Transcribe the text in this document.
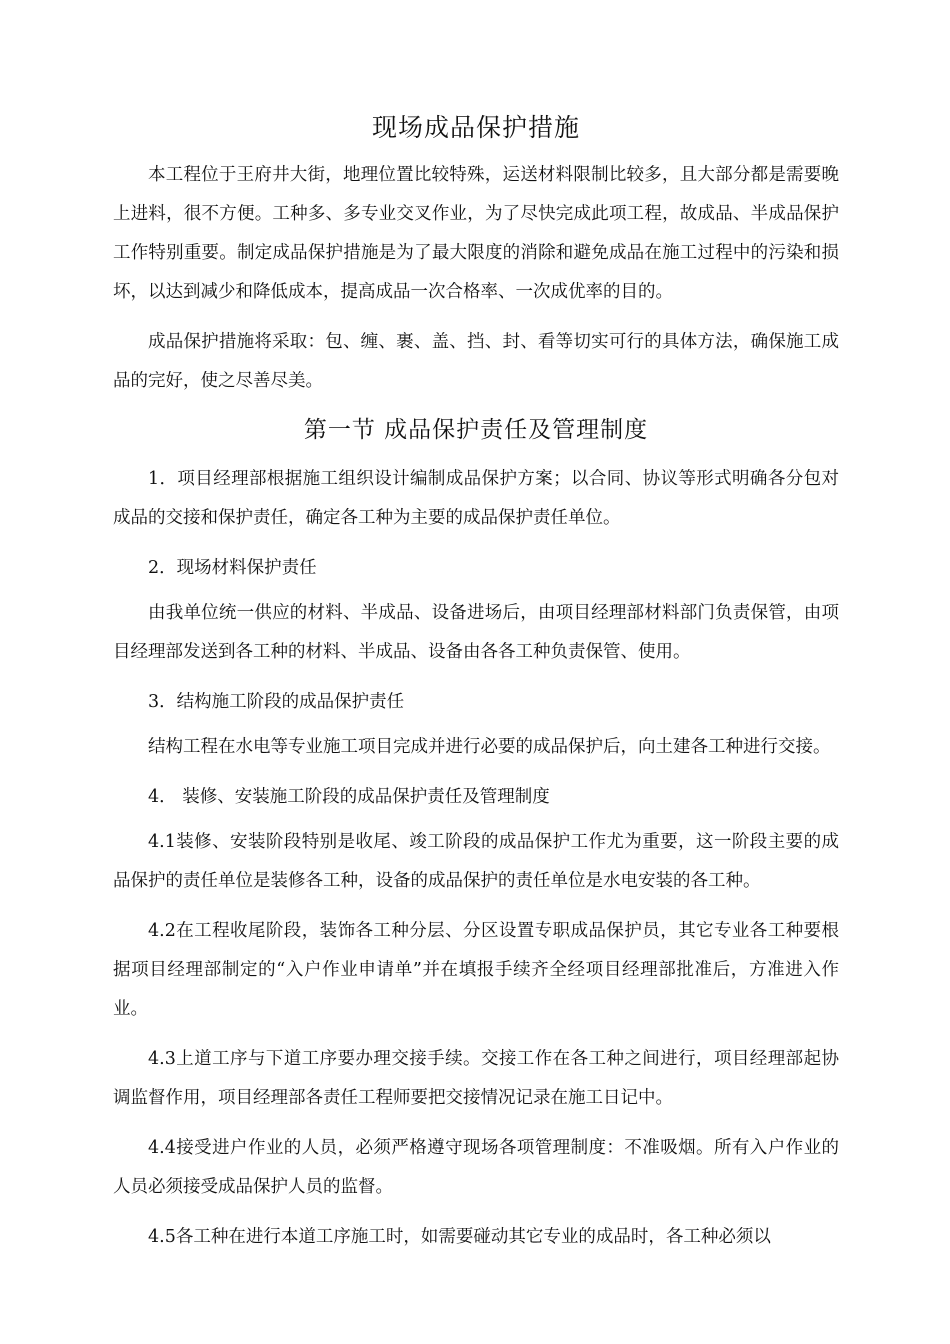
现场成品保护措施

本工程位于王府井大街，地理位置比较特殊，运送材料限制比较多，且大部分都是需要晚上进料，很不方便。工种多、多专业交叉作业，为了尽快完成此项工程，故成品、半成品保护工作特别重要。制定成品保护措施是为了最大限度的消除和避免成品在施工过程中的污染和损坏，以达到减少和降低成本，提高成品一次合格率、一次成优率的目的。

成品保护措施将采取：包、缠、裹、盖、挡、封、看等切实可行的具体方法，确保施工成品的完好，使之尽善尽美。

第一节 成品保护责任及管理制度

1．项目经理部根据施工组织设计编制成品保护方案；以合同、协议等形式明确各分包对成品的交接和保护责任，确定各工种为主要的成品保护责任单位。

2．现场材料保护责任

由我单位统一供应的材料、半成品、设备进场后，由项目经理部材料部门负责保管，由项目经理部发送到各工种的材料、半成品、设备由各各工种负责保管、使用。

3．结构施工阶段的成品保护责任

结构工程在水电等专业施工项目完成并进行必要的成品保护后，向土建各工种进行交接。

4． 装修、安装施工阶段的成品保护责任及管理制度

4.1装修、安装阶段特别是收尾、竣工阶段的成品保护工作尤为重要，这一阶段主要的成品保护的责任单位是装修各工种，设备的成品保护的责任单位是水电安装的各工种。

4.2在工程收尾阶段，装饰各工种分层、分区设置专职成品保护员，其它专业各工种要根据项目经理部制定的“入户作业申请单”并在填报手续齐全经项目经理部批准后，方准进入作业。

4.3上道工序与下道工序要办理交接手续。交接工作在各工种之间进行，项目经理部起协调监督作用，项目经理部各责任工程师要把交接情况记录在施工日记中。

4.4接受进户作业的人员，必须严格遵守现场各项管理制度：不准吸烟。所有入户作业的 人员必须接受成品保护人员的监督。

4.5各工种在进行本道工序施工时，如需要碰动其它专业的成品时，各工种必须以
